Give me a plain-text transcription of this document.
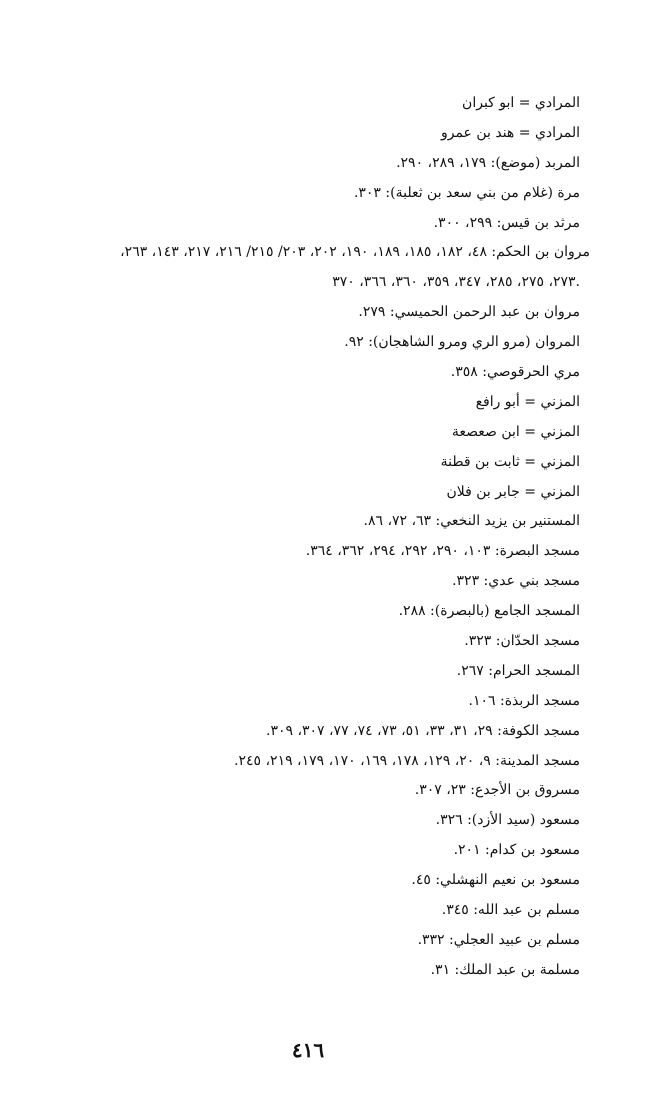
المرادي = ابو كبران
المرادي = هند بن عمرو
المربد (موضع): ١٧٩، ٢٨٩، ٢٩٠.
مرة (غلام من بني سعد بن ثعلبة): ٣٠٣.
مرثد بن قيس: ٢٩٩، ٣٠٠.
مروان بن الحكم: ٤٨، ١٨٢، ١٨٥، ١٨٩، ١٩٠، ٢٠٢، ٢٠٣/ ٢١٥/ ٢١٦، ٢١٧، ١٤٣، ٢٦٣،
٢٧٣، ٢٧٥، ٢٨٥، ٣٤٧، ٣٥٩، ٣٦٠، ٣٦٦، ٣٧٠.
مروان بن عبد الرحمن الحميسي: ٢٧٩.
المروان (مرو الري ومرو الشاهجان): ٩٢.
مري الحرقوصي: ٣٥٨.
المزني = أبو رافع
المزني = ابن صعصعة
المزني = ثابت بن قطنة
المزني = جابر بن فلان
المستنير بن يزيد النخعي: ٦٣، ٧٢، ٨٦.
مسجد البصرة: ١٠٣، ٢٩٠، ٢٩٢، ٢٩٤، ٣٦٢، ٣٦٤.
مسجد بني عدي: ٣٢٣.
المسجد الجامع (بالبصرة): ٢٨٨.
مسجد الحدّان: ٣٢٣.
المسجد الحرام: ٢٦٧.
مسجد الربذة: ١٠٦.
مسجد الكوفة: ٢٩، ٣١، ٣٣، ٥١، ٧٣، ٧٤، ٧٧، ٣٠٧، ٣٠٩.
مسجد المدينة: ٩، ٢٠، ١٢٩، ١٧٨، ١٦٩، ١٧٠، ١٧٩، ٢١٩، ٢٤٥.
مسروق بن الأجدع: ٢٣، ٣٠٧.
مسعود (سيد الأزد): ٣٢٦.
مسعود بن كدام: ٢٠١.
مسعود بن نعيم النهشلي: ٤٥.
مسلم بن عبد الله: ٣٤٥.
مسلم بن عبيد العجلي: ٣٣٢.
مسلمة بن عبد الملك: ٣١.
٤١٦
